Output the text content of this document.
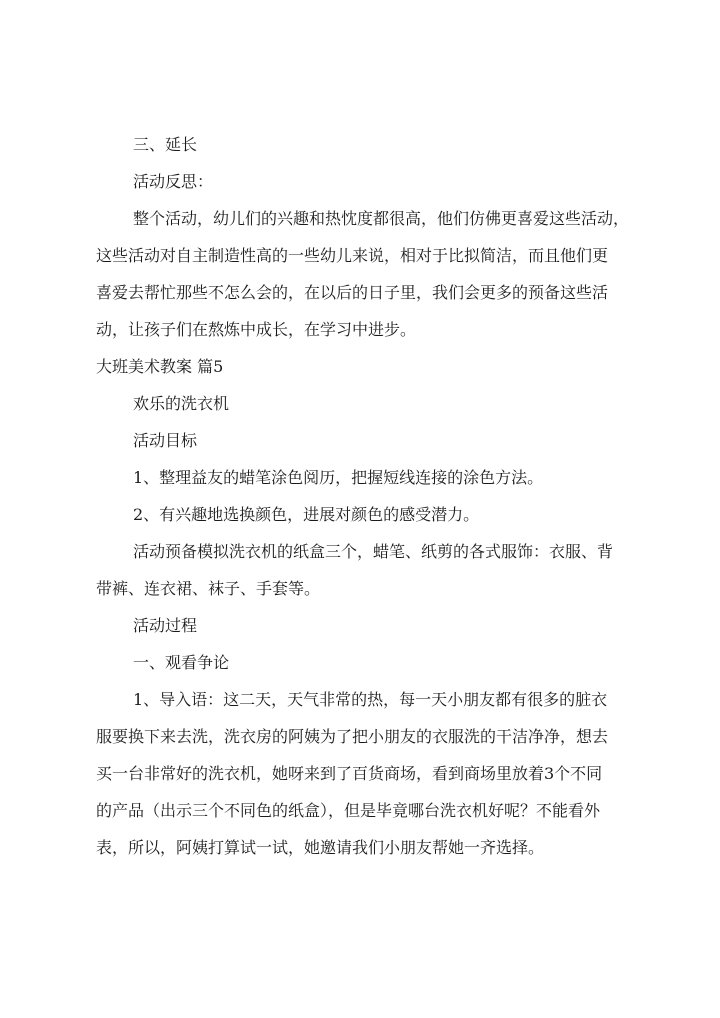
三、延长
活动反思：
整个活动，幼儿们的兴趣和热忱度都很高，他们仿佛更喜爱这些活动，
这些活动对自主制造性高的一些幼儿来说，相对于比拟简洁，而且他们更
喜爱去帮忙那些不怎么会的，在以后的日子里，我们会更多的预备这些活
动，让孩子们在熬炼中成长，在学习中进步。
大班美术教案 篇5
欢乐的洗衣机
活动目标
1、整理益友的蜡笔涂色阅历，把握短线连接的涂色方法。
2、有兴趣地选换颜色，进展对颜色的感受潜力。
活动预备模拟洗衣机的纸盒三个，蜡笔、纸剪的各式服饰：衣服、背
带裤、连衣裙、袜子、手套等。
活动过程
一、观看争论
1、导入语：这二天，天气非常的热，每一天小朋友都有很多的脏衣
服要换下来去洗，洗衣房的阿姨为了把小朋友的衣服洗的干洁净净，想去
买一台非常好的洗衣机，她呀来到了百货商场，看到商场里放着3个不同
的产品（出示三个不同色的纸盒），但是毕竟哪台洗衣机好呢？不能看外
表，所以，阿姨打算试一试，她邀请我们小朋友帮她一齐选择。
